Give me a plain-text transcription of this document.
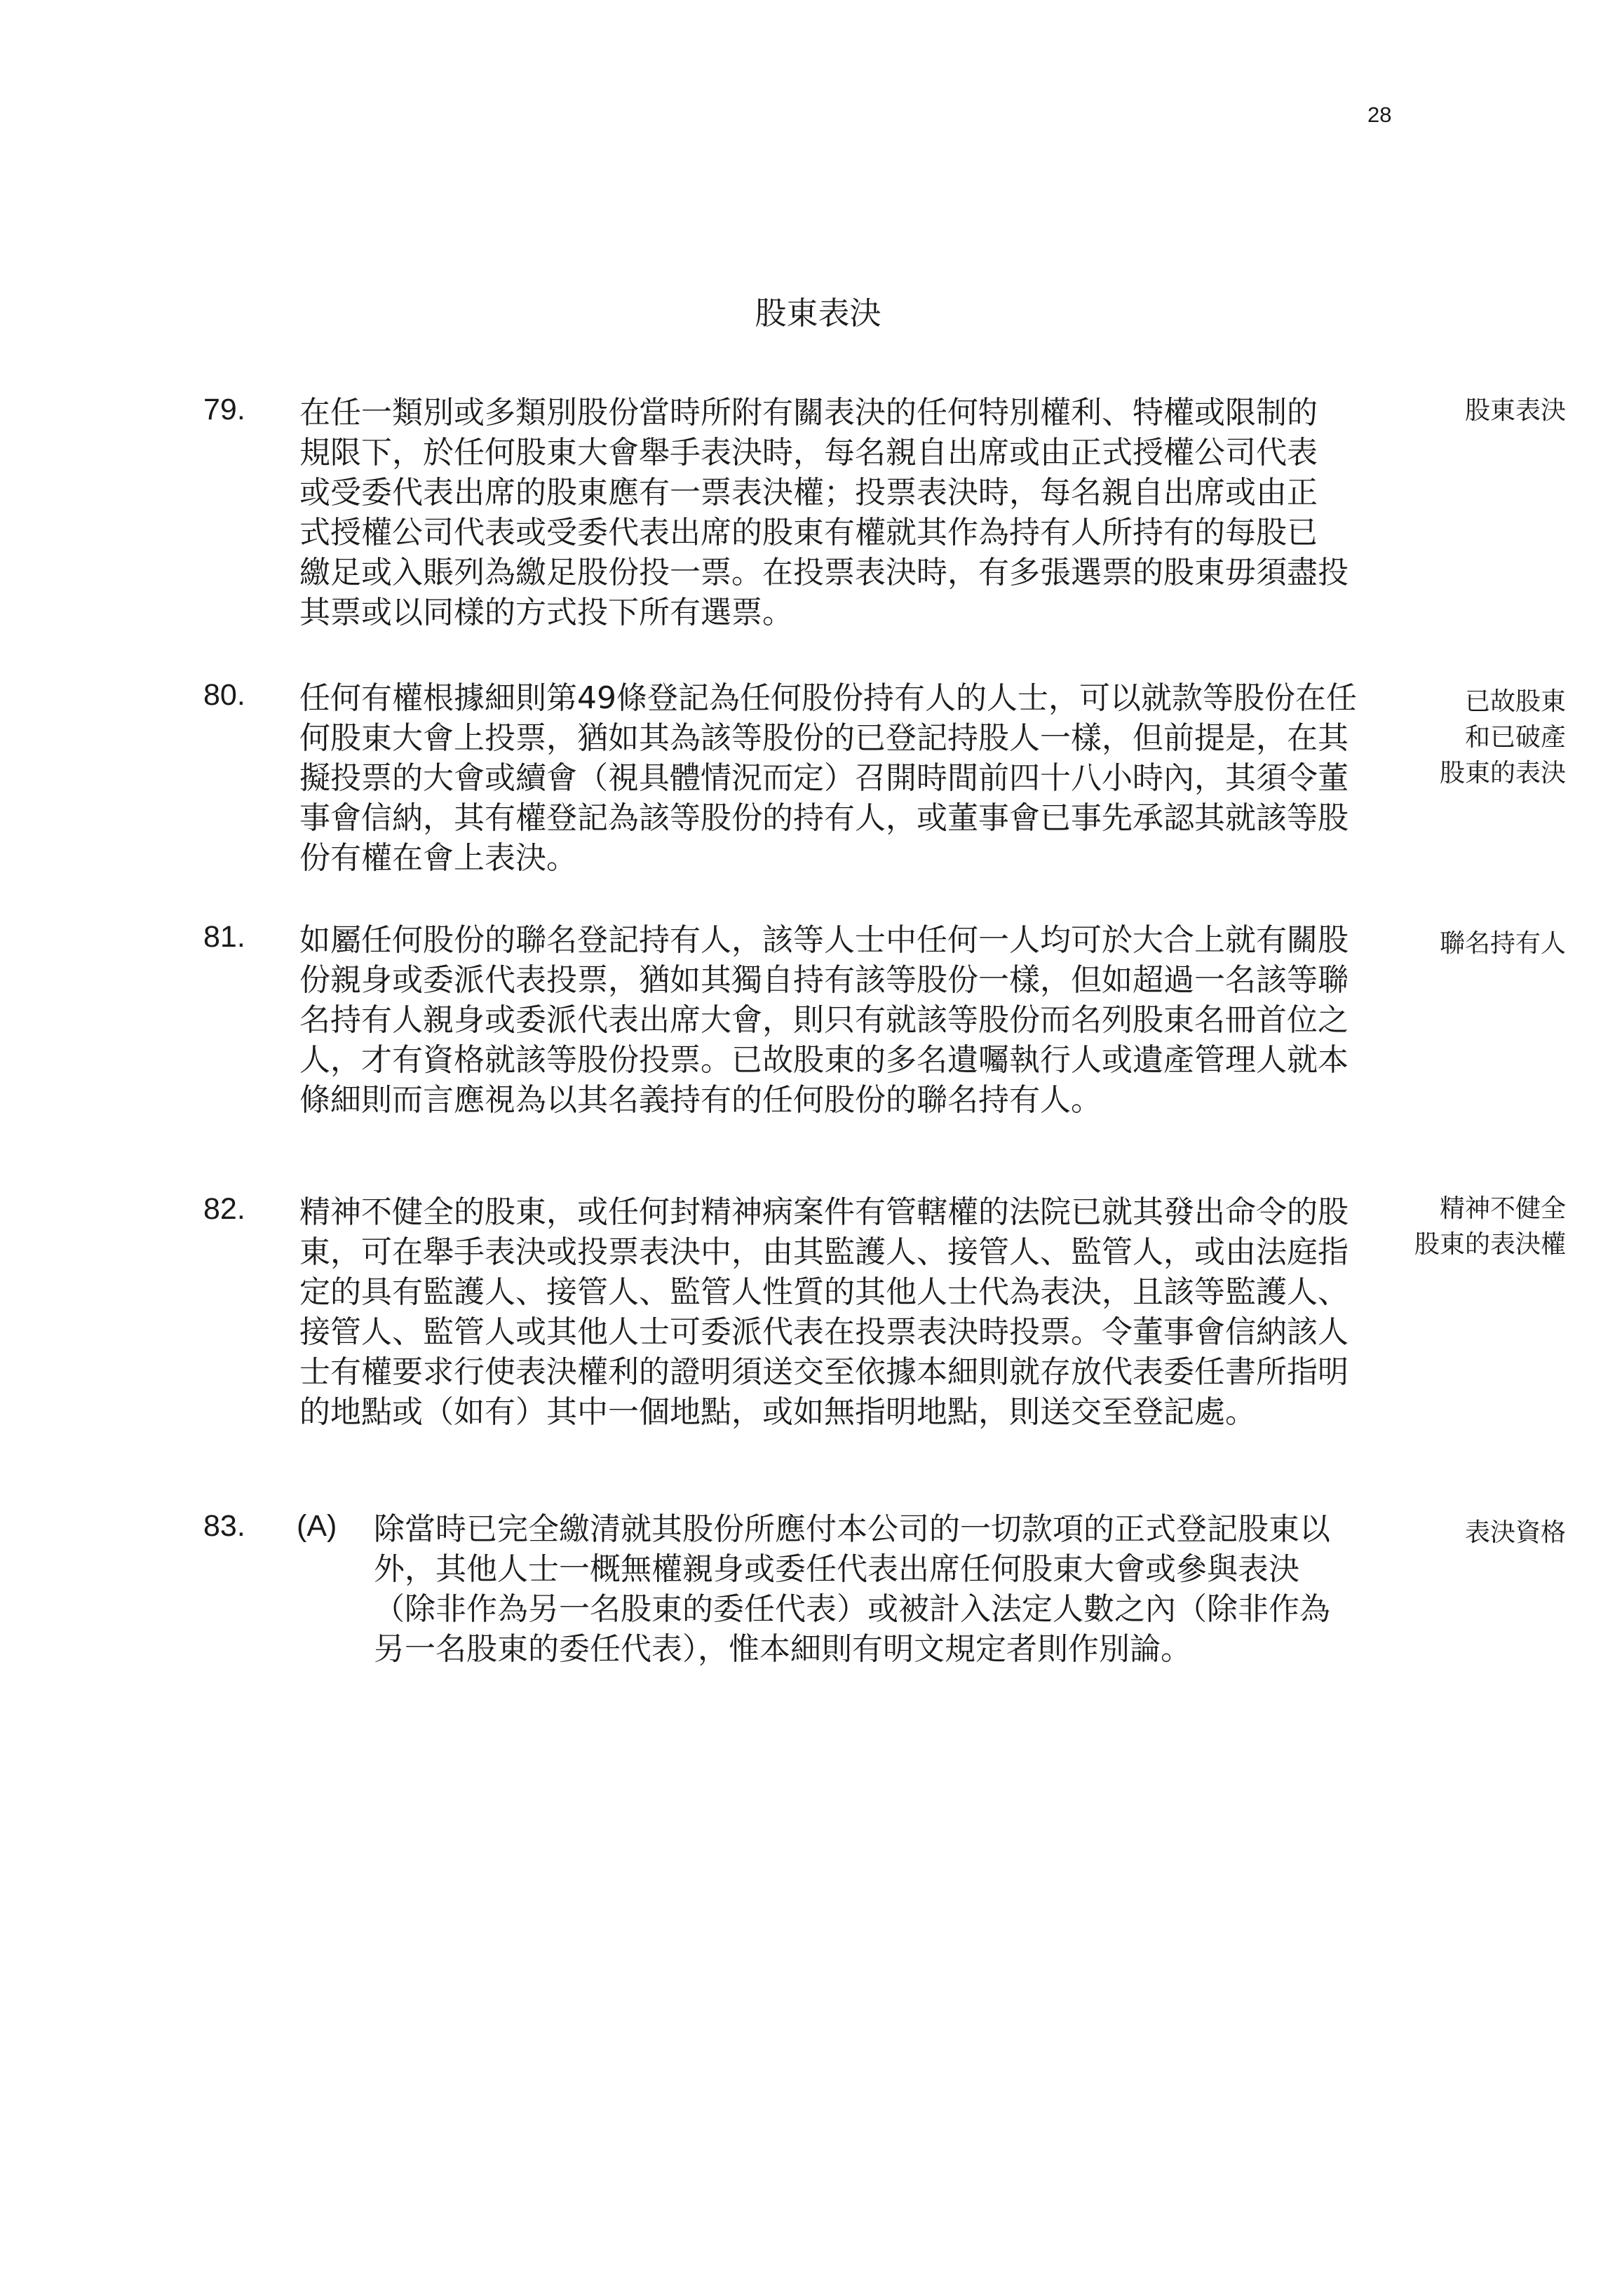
28
股東表決
79. 在任一類別或多類別股份當時所附有關表決的任何特別權利、特權或限制的
規限下，於任何股東大會舉手表決時，每名親自出席或由正式授權公司代表
或受委代表出席的股東應有一票表決權；投票表決時，每名親自出席或由正
式授權公司代表或受委代表出席的股東有權就其作為持有人所持有的每股已
繳足或入賬列為繳足股份投一票。在投票表決時，有多張選票的股東毋須盡投
其票或以同樣的方式投下所有選票。
股東表決
80. 任何有權根據細則第49條登記為任何股份持有人的人士，可以就款等股份在任
何股東大會上投票，猶如其為該等股份的已登記持股人一樣，但前提是，在其
擬投票的大會或續會（視具體情況而定）召開時間前四十八小時內，其須令董
事會信納，其有權登記為該等股份的持有人，或董事會已事先承認其就該等股
份有權在會上表決。
已故股東
和已破產
股東的表決
81. 如屬任何股份的聯名登記持有人，該等人士中任何一人均可於大合上就有關股
份親身或委派代表投票，猶如其獨自持有該等股份一樣，但如超過一名該等聯
名持有人親身或委派代表出席大會，則只有就該等股份而名列股東名冊首位之
人，才有資格就該等股份投票。已故股東的多名遺囑執行人或遺產管理人就本
條細則而言應視為以其名義持有的任何股份的聯名持有人。
聯名持有人
82. 精神不健全的股東，或任何封精神病案件有管轄權的法院已就其發出命令的股
東，可在舉手表決或投票表決中，由其監護人、接管人、監管人，或由法庭指
定的具有監護人、接管人、監管人性質的其他人士代為表決，且該等監護人、
接管人、監管人或其他人士可委派代表在投票表決時投票。令董事會信納該人
士有權要求行使表決權利的證明須送交至依據本細則就存放代表委任書所指明
的地點或（如有）其中一個地點，或如無指明地點，則送交至登記處。
精神不健全
股東的表決權
83. (A) 除當時已完全繳清就其股份所應付本公司的一切款項的正式登記股東以
外，其他人士一概無權親身或委任代表出席任何股東大會或參與表決
（除非作為另一名股東的委任代表）或被計入法定人數之內（除非作為
另一名股東的委任代表），惟本細則有明文規定者則作別論。
表決資格
